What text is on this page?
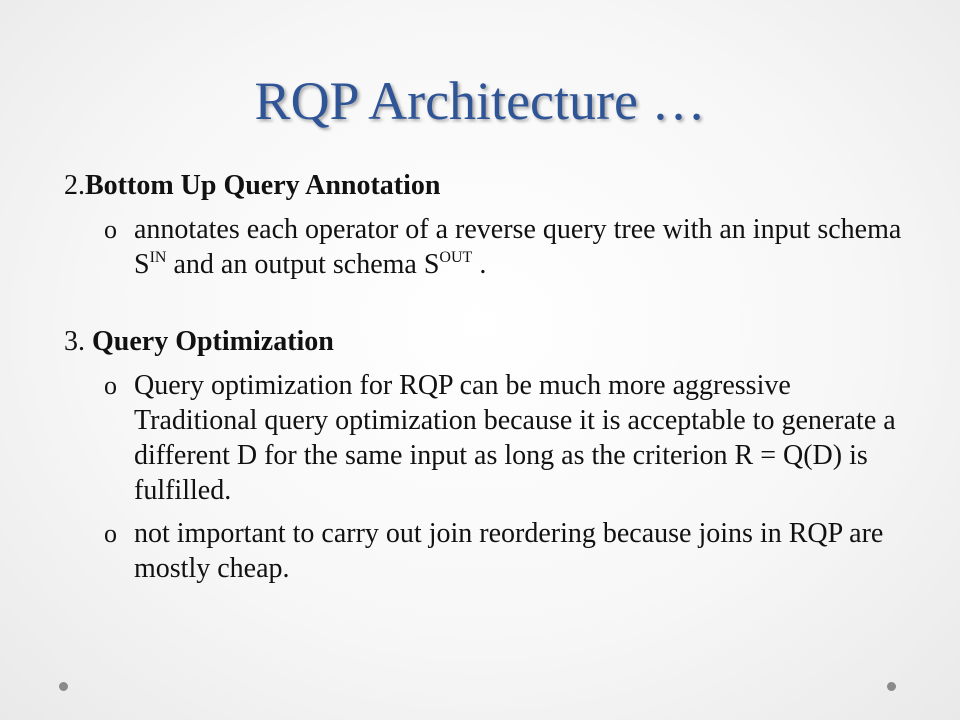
RQP Architecture …
2.Bottom Up Query Annotation
o annotates each operator of a reverse query tree with an input schema $S^{IN}$ and an output schema $S^{OUT}$ .
3. Query Optimization
o Query optimization for RQP can be much more aggressive Traditional query optimization because it is acceptable to generate a different D for the same input as long as the criterion R = Q(D) is fulfilled.
o not important to carry out join reordering because joins in RQP are mostly cheap.
